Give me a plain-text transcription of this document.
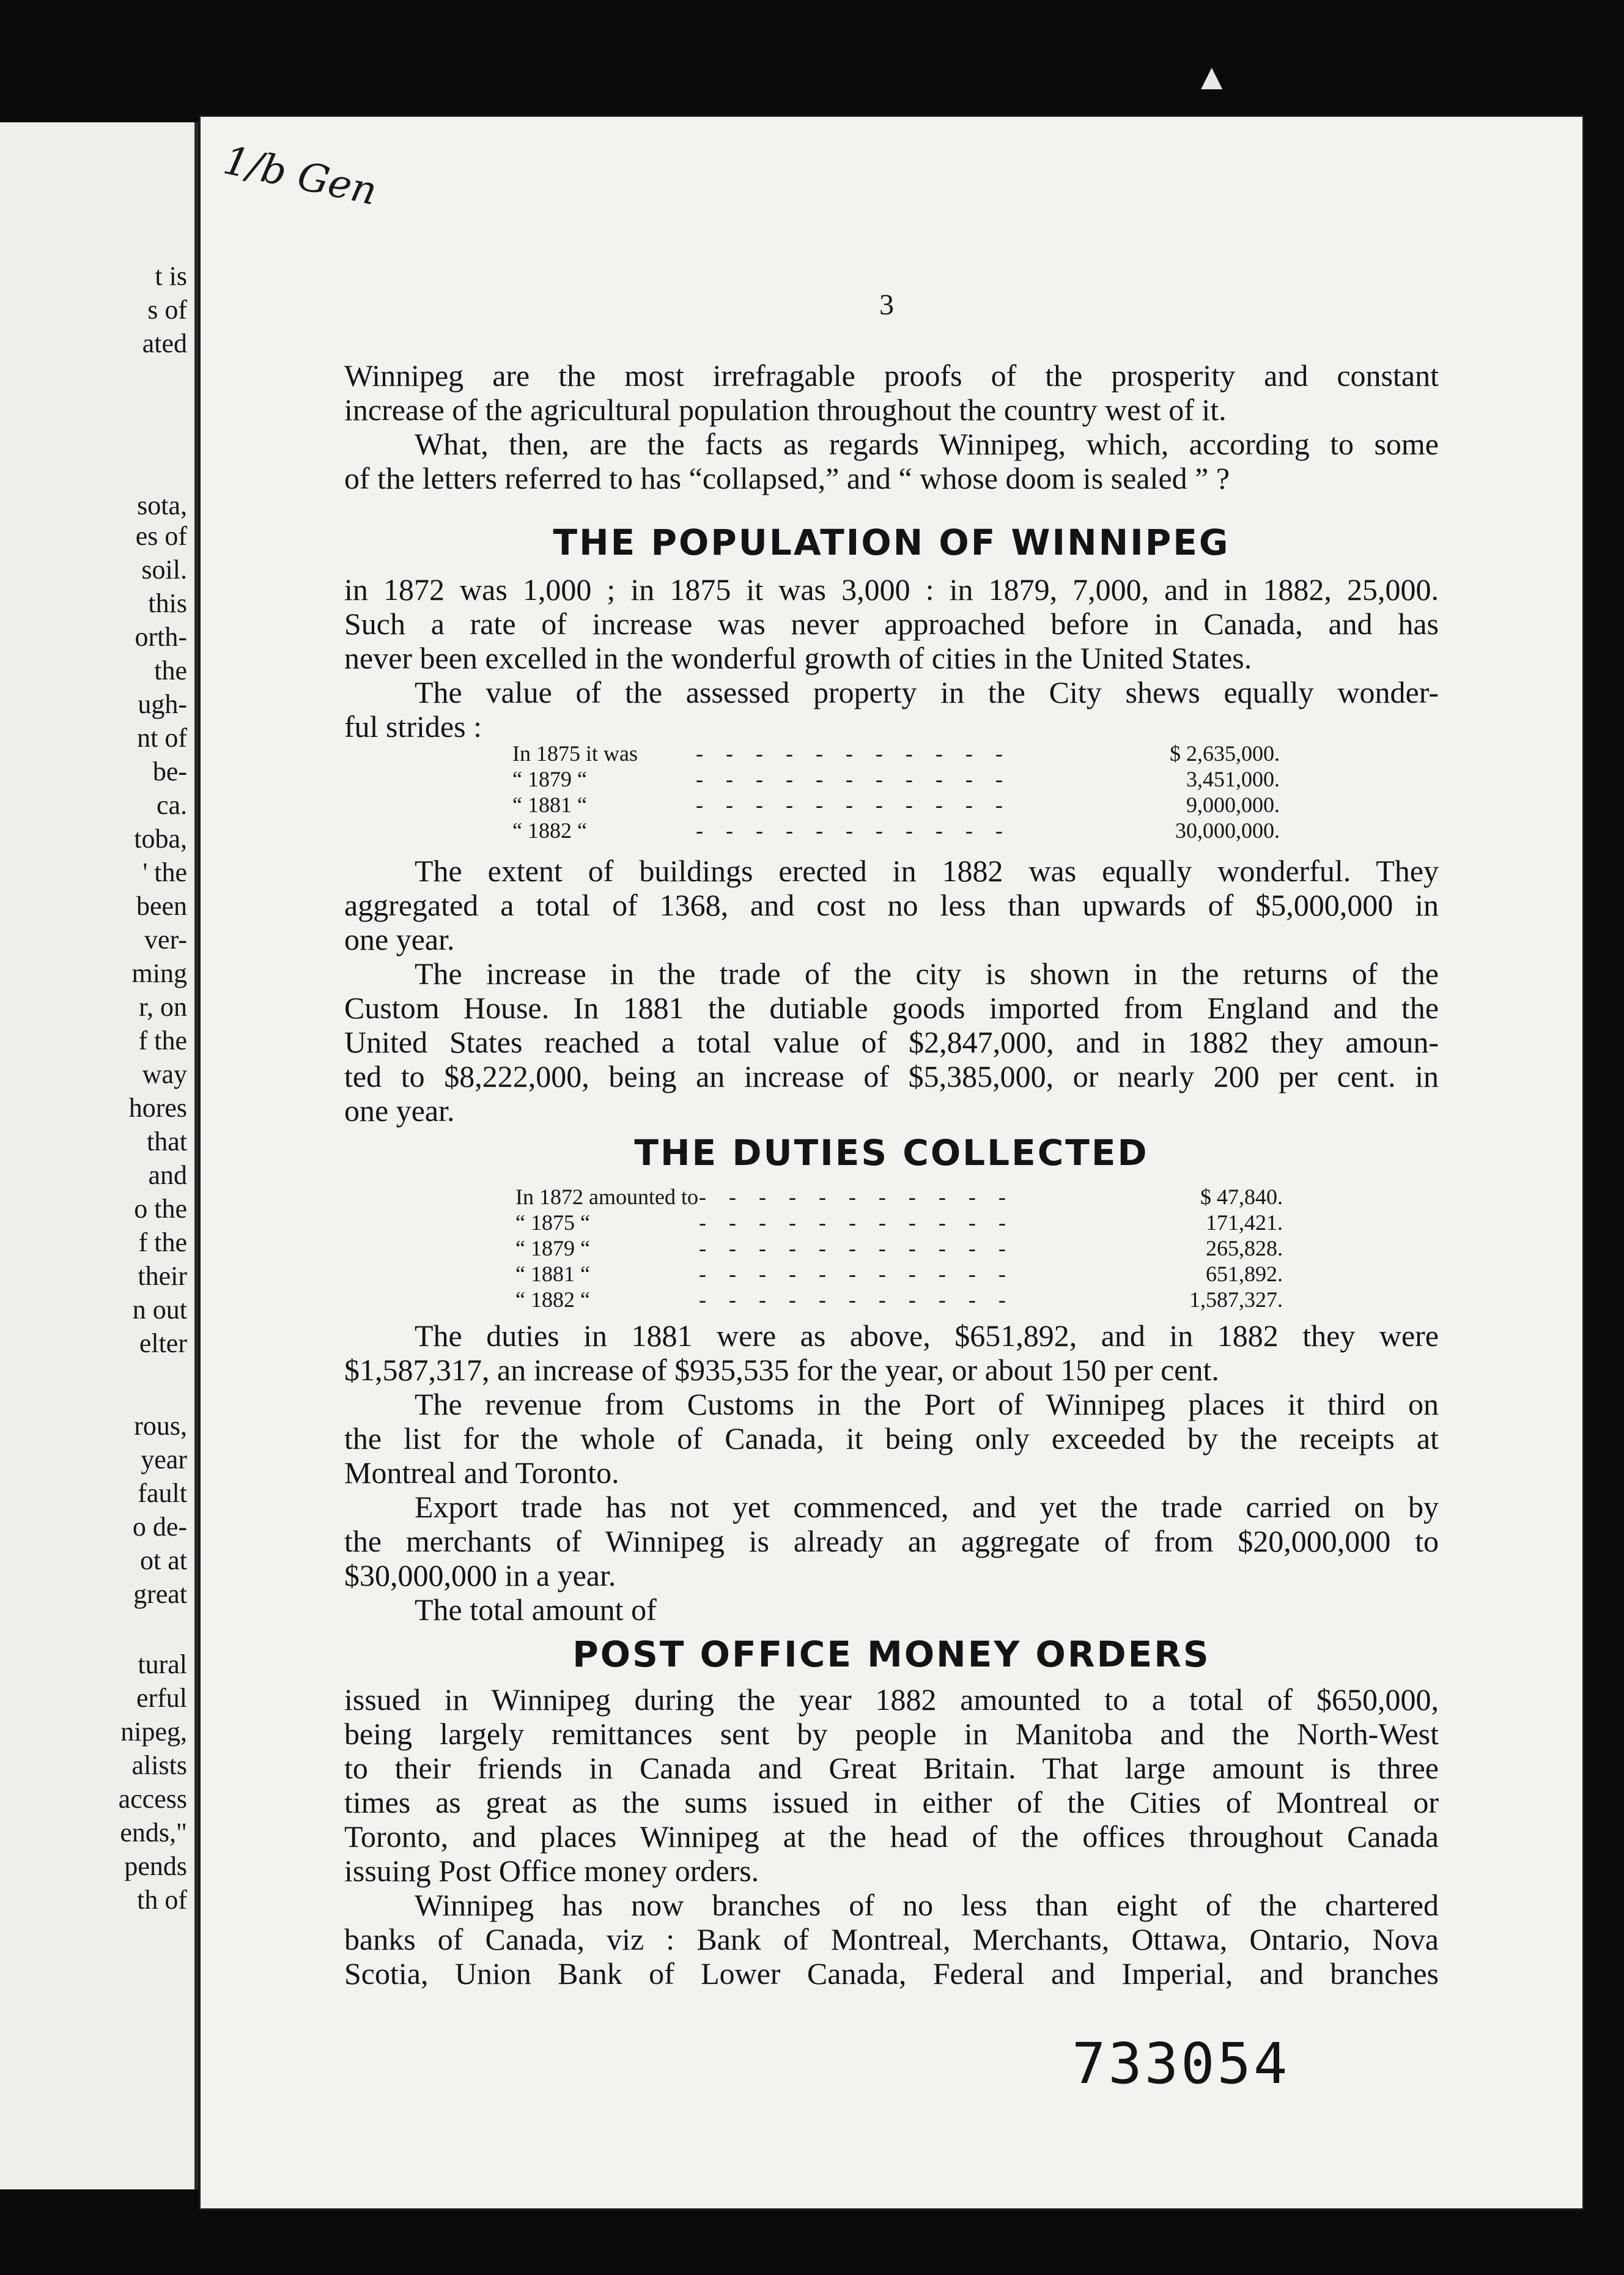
t is
s of
ated
sota,
es of
soil.
this
orth-
the
ugh-
nt of
be-
ca.
toba,
' the
been
ver-
ming
r, on
f the
way
hores
that
and
o the
f the
their
n out
elter
rous,
year
fault
o de-
ot at
great
tural
erful
nipeg,
alists
access
ends,"
pends
th of
1/b Gen
3
Winnipeg are the most irrefragable proofs of the prosperity and constant
increase of the agricultural population throughout the country west of it.
What, then, are the facts as regards Winnipeg, which, according to some
of the letters referred to has “collapsed,” and “ whose doom is sealed ” ?
THE POPULATION OF WINNIPEG
in 1872 was 1,000 ; in 1875 it was 3,000 : in 1879, 7,000, and in 1882, 25,000.
Such a rate of increase was never approached before in Canada, and has
never been excelled in the wonderful growth of cities in the United States.
The value of the assessed property in the City shews equally wonder-
ful strides :
In 1875 it was	- - - - - - - - - - -	$ 2,635,000.
“ 1879 “	- - - - - - - - - - -	3,451,000.
“ 1881 “	- - - - - - - - - - -	9,000,000.
“ 1882 “	- - - - - - - - - - -	30,000,000.
The extent of buildings erected in 1882 was equally wonderful. They
aggregated a total of 1368, and cost no less than upwards of $5,000,000 in
one year.
The increase in the trade of the city is shown in the returns of the
Custom House. In 1881 the dutiable goods imported from England and the
United States reached a total value of $2,847,000, and in 1882 they amoun-
ted to $8,222,000, being an increase of $5,385,000, or nearly 200 per cent. in
one year.
THE DUTIES COLLECTED
In 1872 amounted to - - - - - - - - - - -	$ 47,840.
“ 1875 “	- - - - - - - - - - -	171,421.
“ 1879 “	- - - - - - - - - - -	265,828.
“ 1881 “	- - - - - - - - - - -	651,892.
“ 1882 “	- - - - - - - - - - -	1,587,327.
The duties in 1881 were as above, $651,892, and in 1882 they were
$1,587,317, an increase of $935,535 for the year, or about 150 per cent.
The revenue from Customs in the Port of Winnipeg places it third on
the list for the whole of Canada, it being only exceeded by the receipts at
Montreal and Toronto.
Export trade has not yet commenced, and yet the trade carried on by
the merchants of Winnipeg is already an aggregate of from $20,000,000 to
$30,000,000 in a year.
The total amount of
POST OFFICE MONEY ORDERS
issued in Winnipeg during the year 1882 amounted to a total of $650,000,
being largely remittances sent by people in Manitoba and the North-West
to their friends in Canada and Great Britain. That large amount is three
times as great as the sums issued in either of the Cities of Montreal or
Toronto, and places Winnipeg at the head of the offices throughout Canada
issuing Post Office money orders.
Winnipeg has now branches of no less than eight of the chartered
banks of Canada, viz : Bank of Montreal, Merchants, Ottawa, Ontario, Nova
Scotia, Union Bank of Lower Canada, Federal and Imperial, and branches
733054
▲
